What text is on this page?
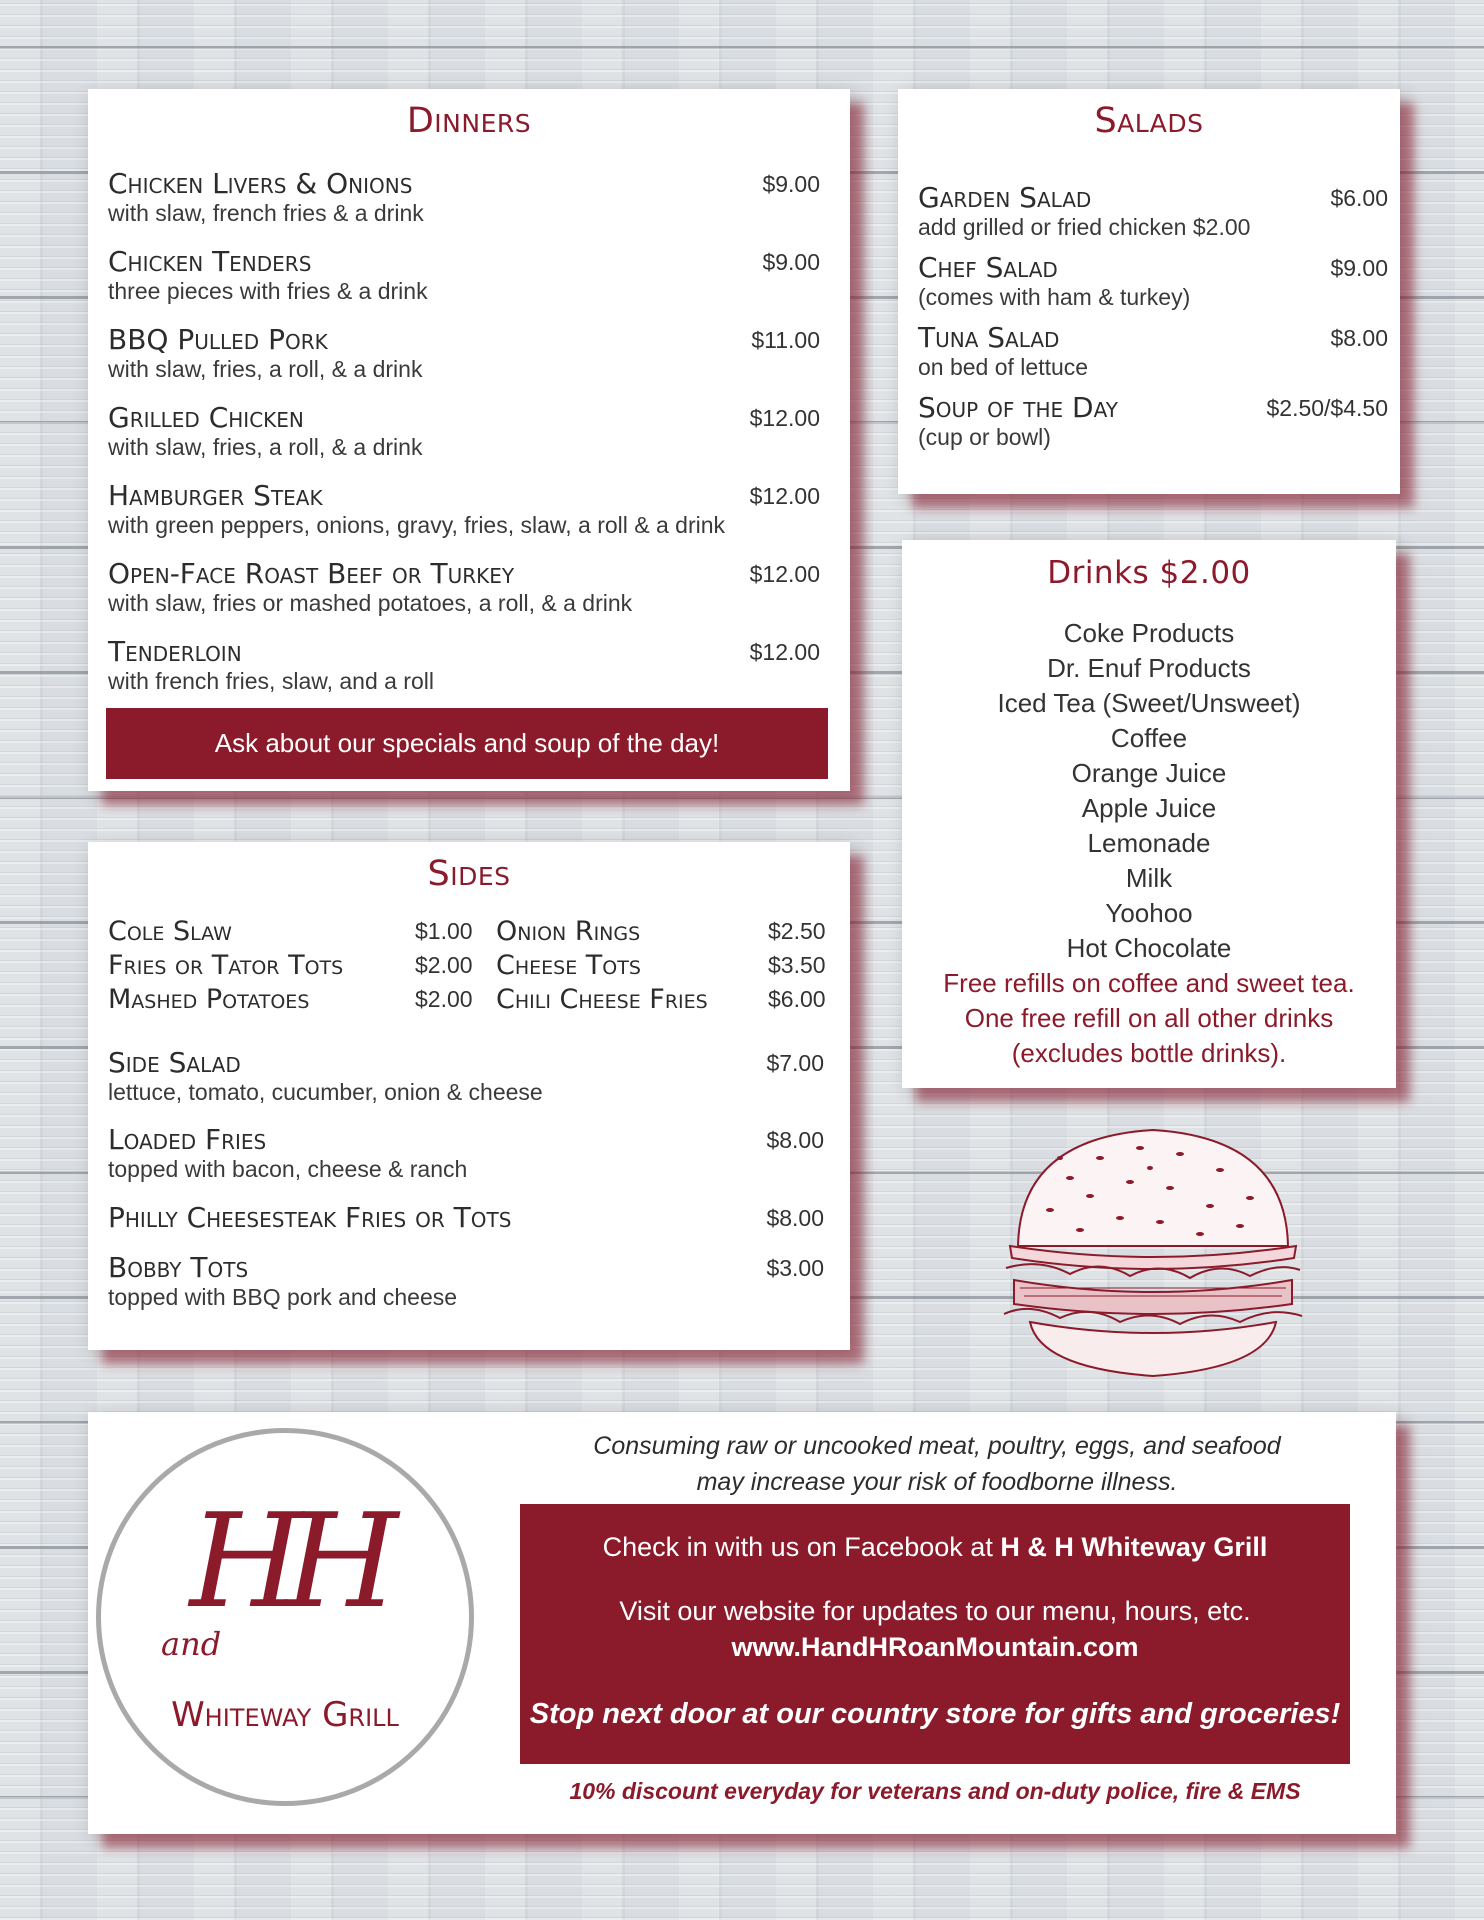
Dinners
Chicken Livers & Onions
with slaw, french fries & a drink
$9.00
Chicken Tenders
three pieces with fries & a drink
$9.00
BBQ Pulled Pork
with slaw, fries, a roll, & a drink
$11.00
Grilled Chicken
with slaw, fries, a roll, & a drink
$12.00
Hamburger Steak
with green peppers, onions, gravy, fries, slaw, a roll & a drink
$12.00
Open-Face Roast Beef or Turkey
with slaw, fries or mashed potatoes, a roll, & a drink
$12.00
Tenderloin
with french fries, slaw, and a roll
$12.00
Ask about our specials and soup of the day!
Salads
Garden Salad
add grilled or fried chicken $2.00
$6.00
Chef Salad
(comes with ham & turkey)
$9.00
Tuna Salad
on bed of lettuce
$8.00
Soup of the Day
(cup or bowl)
$2.50/$4.50
Drinks $2.00
Coke Products
Dr. Enuf Products
Iced Tea (Sweet/Unsweet)
Coffee
Orange Juice
Apple Juice
Lemonade
Milk
Yoohoo
Hot Chocolate
Free refills on coffee and sweet tea.
One free refill on all other drinks
(excludes bottle drinks).
Sides
Cole Slaw	$1.00
Fries or Tator Tots	$2.00
Mashed Potatoes	$2.00
Onion Rings	$2.50
Cheese Tots	$3.50
Chili Cheese Fries	$6.00
Side Salad
lettuce, tomato, cucumber, onion & cheese
$7.00
Loaded Fries
topped with bacon, cheese & ranch
$8.00
Philly Cheesesteak Fries or Tots	$8.00
Bobby Tots
topped with BBQ pork and cheese
$3.00
HH
and
Whiteway Grill
Consuming raw or uncooked meat, poultry, eggs, and seafood
may increase your risk of foodborne illness.
Check in with us on Facebook at H & H Whiteway Grill
Visit our website for updates to our menu, hours, etc.
www.HandHRoanMountain.com
Stop next door at our country store for gifts and groceries!
10% discount everyday for veterans and on-duty police, fire & EMS
